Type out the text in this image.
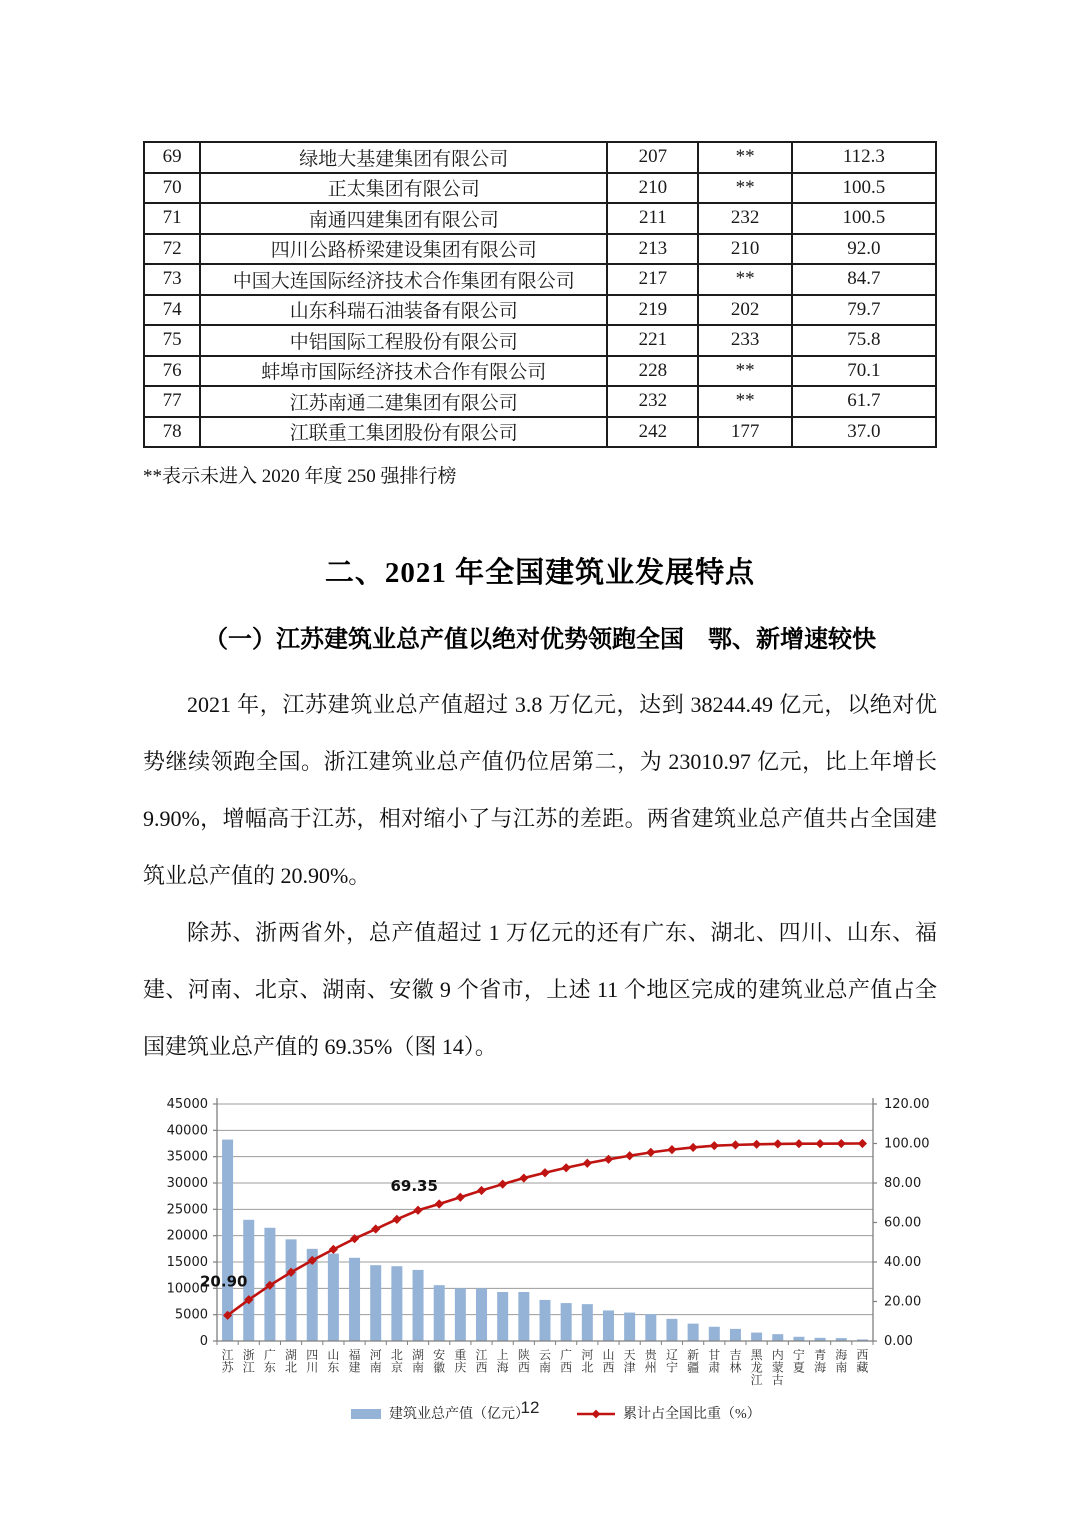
69	绿地大基建集团有限公司	207	**	112.3
70	正太集团有限公司	210	**	100.5
71	南通四建集团有限公司	211	232	100.5
72	四川公路桥梁建设集团有限公司	213	210	92.0
73	中国大连国际经济技术合作集团有限公司	217	**	84.7
74	山东科瑞石油装备有限公司	219	202	79.7
75	中铝国际工程股份有限公司	221	233	75.8
76	蚌埠市国际经济技术合作有限公司	228	**	70.1
77	江苏南通二建集团有限公司	232	**	61.7
78	江联重工集团股份有限公司	242	177	37.0
**表示未进入 2020 年度 250 强排行榜
二、2021 年全国建筑业发展特点
（一）江苏建筑业总产值以绝对优势领跑全国　鄂、新增速较快

2021 年，江苏建筑业总产值超过 3.8 万亿元，达到 38244.49 亿元，以绝对优势继续领跑全国。浙江建筑业总产值仍位居第二，为 23010.97 亿元，比上年增长 9.90%，增幅高于江苏，相对缩小了与江苏的差距。两省建筑业总产值共占全国建筑业总产值的 20.90%。

除苏、浙两省外，总产值超过 1 万亿元的还有广东、湖北、四川、山东、福建、河南、北京、湖南、安徽 9 个省市，上述 11 个地区完成的建筑业总产值占全国建筑业总产值的 69.35%（图 14）。

0
5000
10000
15000
20000
25000
30000
35000
40000
45000
0.00
20.00
40.00
60.00
80.00
100.00
120.00
20.90
69.35
江苏
浙江
广东
湖北
四川
山东
福建
河南
北京
湖南
安徽
重庆
江西
上海
陕西
云南
广西
河北
山西
天津
贵州
辽宁
新疆
甘肃
吉林
黑龙江
内蒙古
宁夏
青海
海南
西藏
建筑业总产值（亿元）	累计占全国比重（%）
12
